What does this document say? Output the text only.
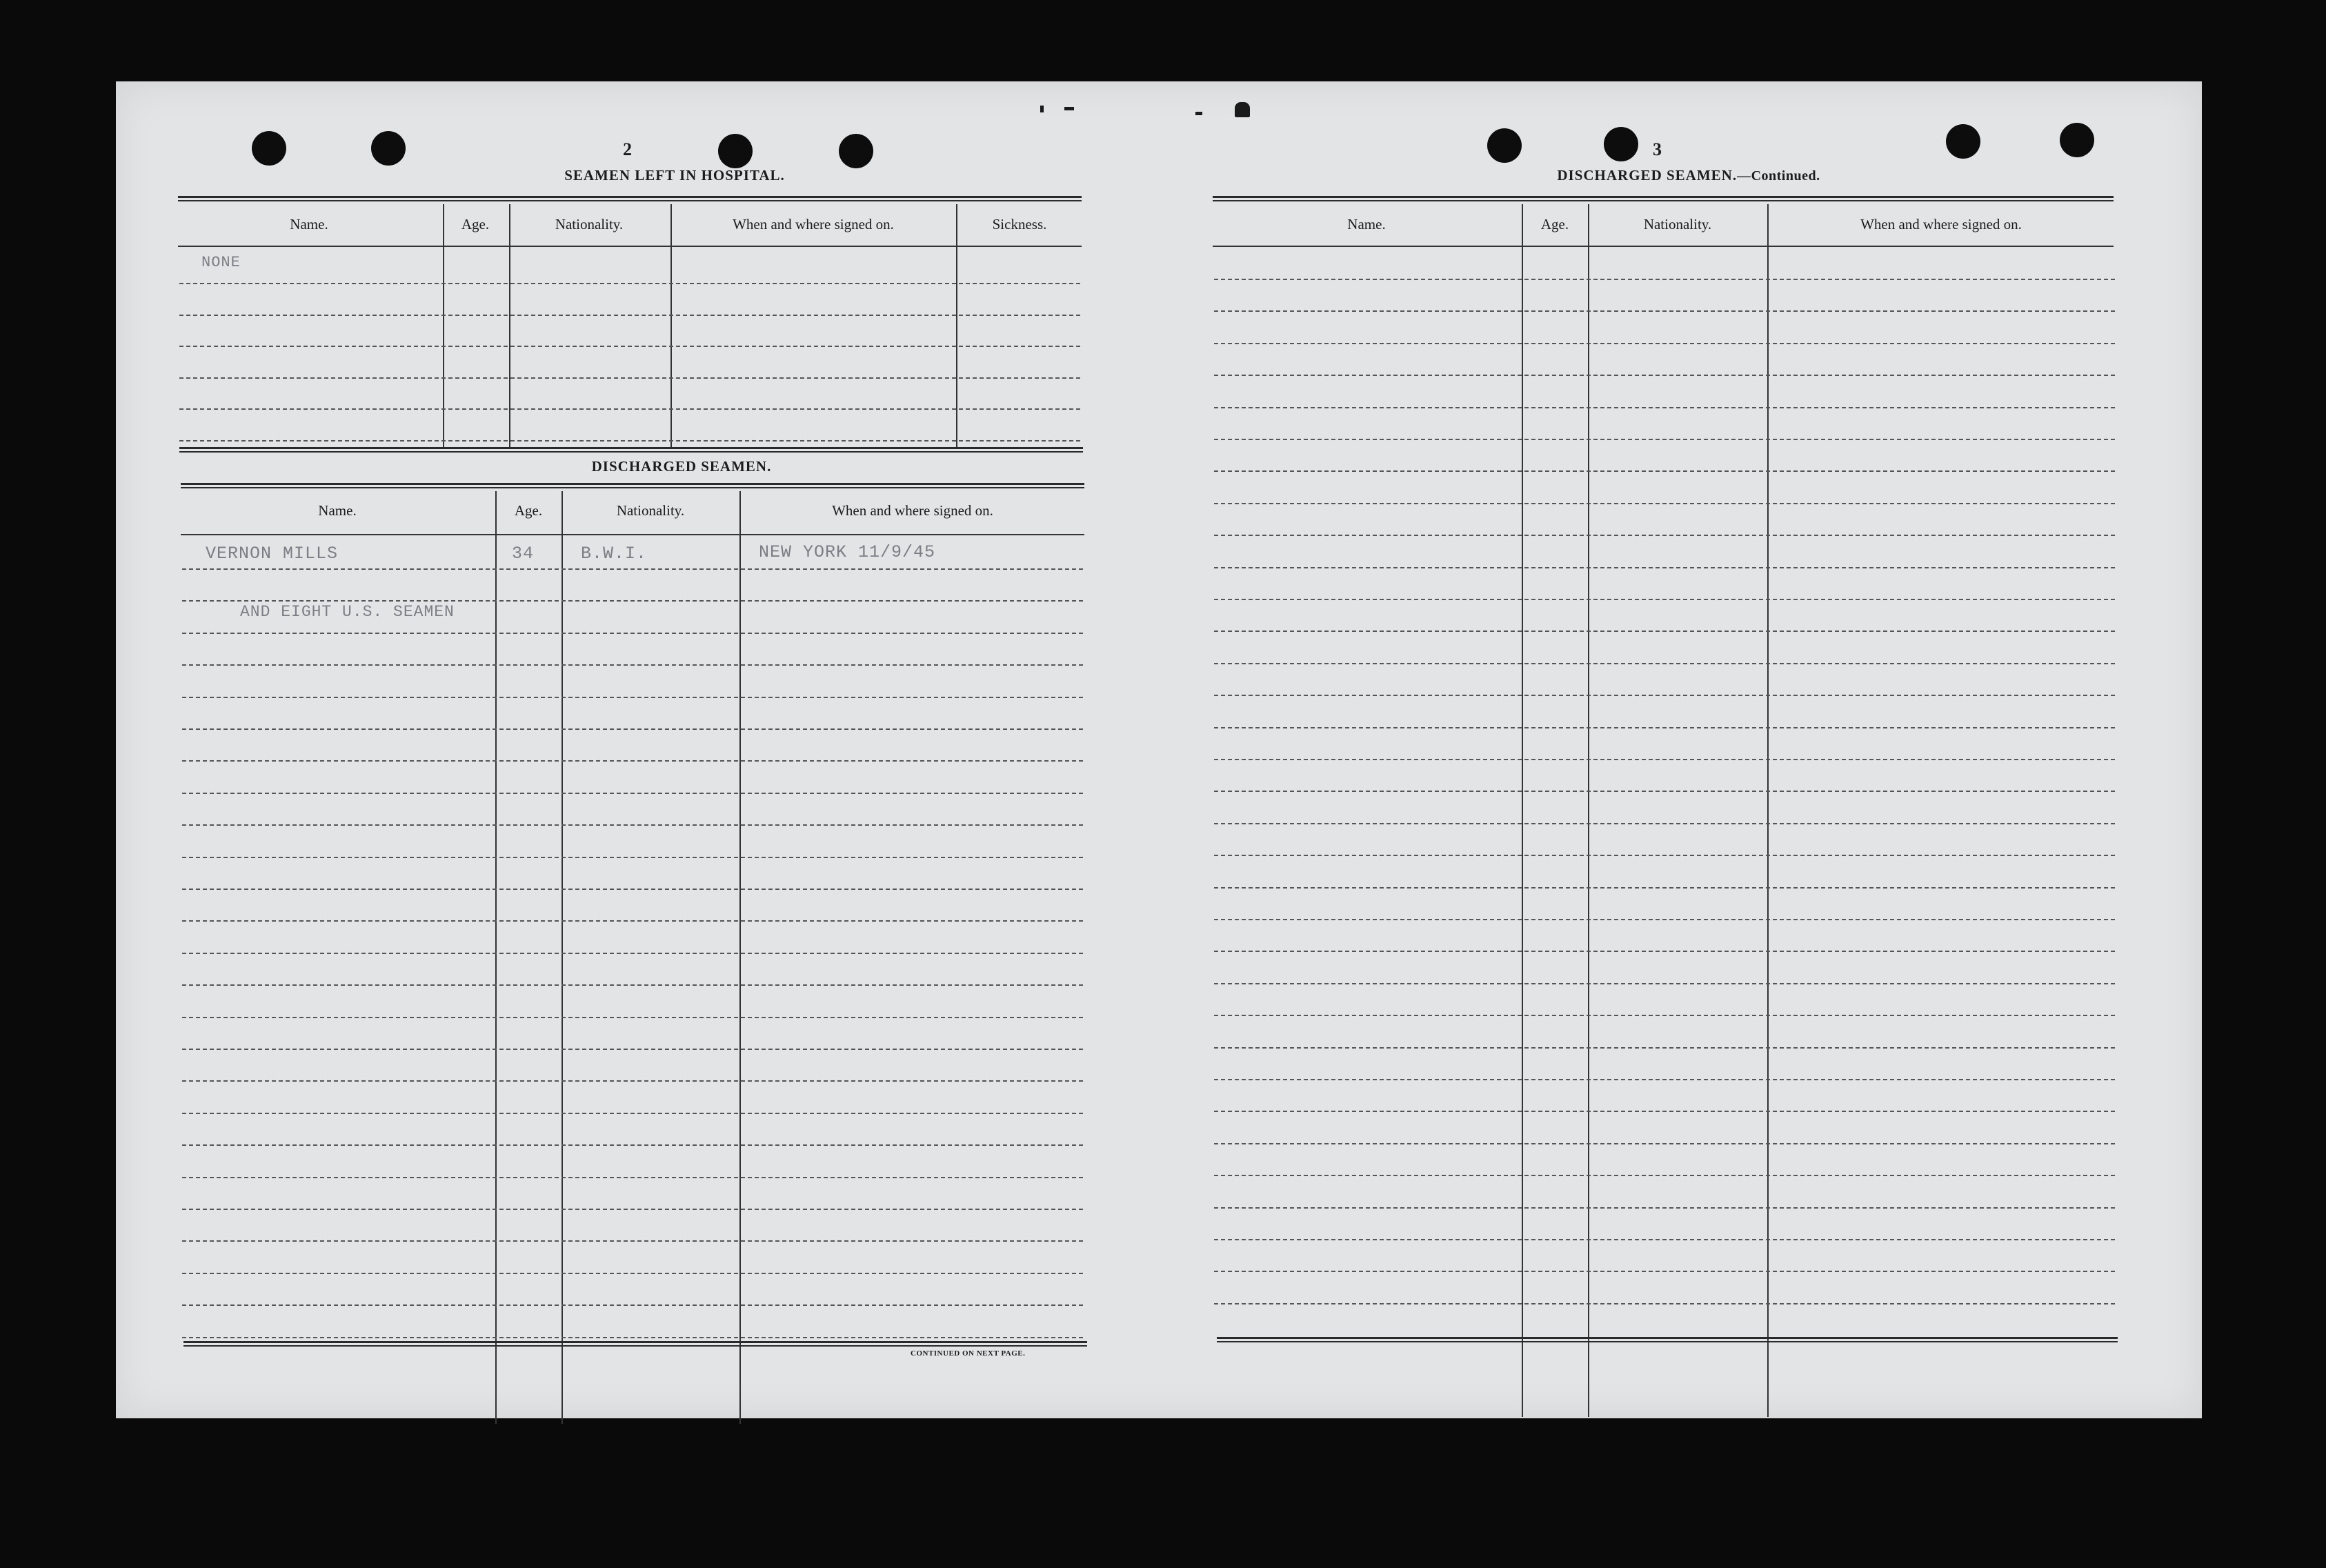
2
SEAMEN LEFT IN HOSPITAL.
Name.	Age.	Nationality.	When and where signed on.	Sickness.
NONE
DISCHARGED SEAMEN.
Name.	Age.	Nationality.	When and where signed on.
VERNON MILLS	34	B.W.I.	NEW YORK 11/9/45
AND EIGHT U.S. SEAMEN
CONTINUED ON NEXT PAGE.
3
DISCHARGED SEAMEN.—Continued.
Name.	Age.	Nationality.	When and where signed on.
